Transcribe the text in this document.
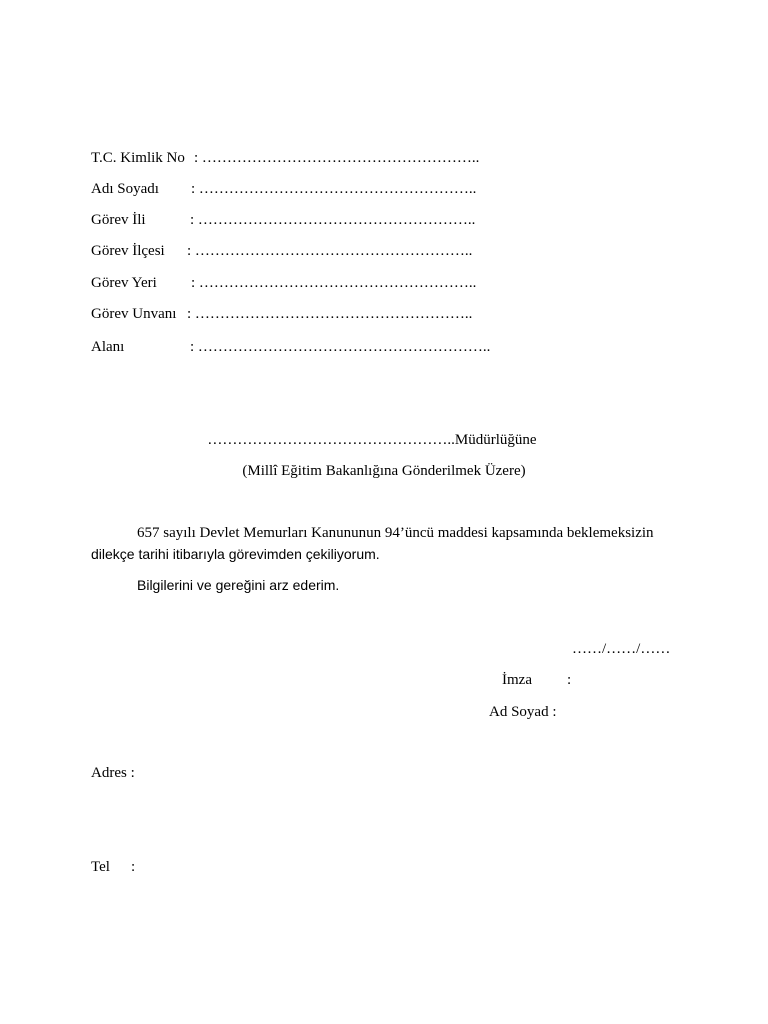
T.C. Kimlik No : ………………………………………………..
Adı Soyadı : ………………………………………………..
Görev İli	: ………………………………………………..
Görev İlçesi : ………………………………………………..
Görev Yeri : ………………………………………………..
Görev Unvanı : ………………………………………………..
Alanı	: …………………………………………………..
…………………………………………..Müdürlüğüne
(Millî Eğitim Bakanlığına Gönderilmek Üzere)
657 sayılı Devlet Memurları Kanununun 94’üncü maddesi kapsamında beklemeksizin
dilekçe tarihi itibarıyla görevimden çekiliyorum.
Bilgilerini ve gereğini arz ederim.
……/……/……
İmza :
Ad Soyad :
Adres :
Tel :
